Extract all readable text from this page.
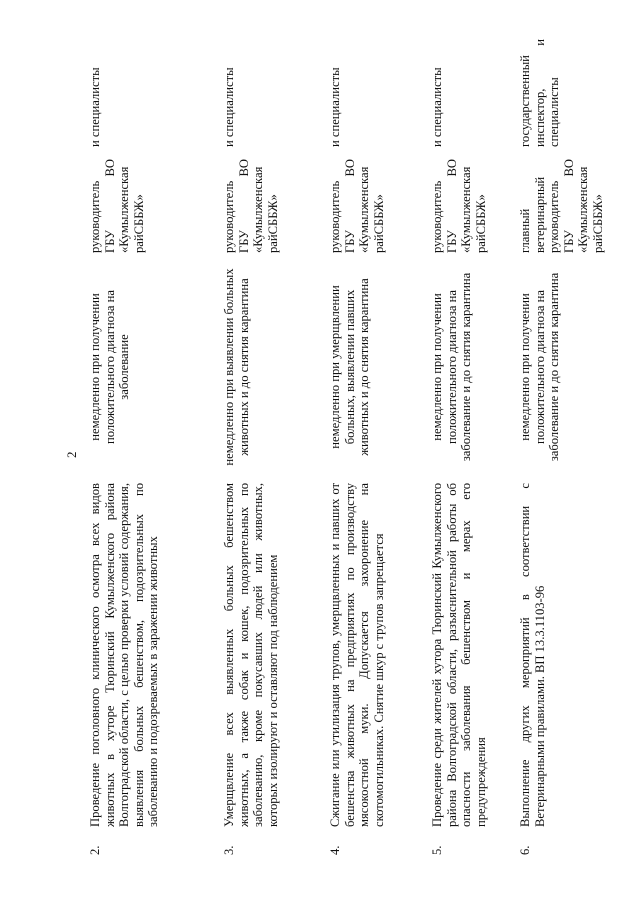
2
2.
Проведение поголовного клинического осмотра всех видов животных в хуторе Тюринский Кумылженского района Волгоградской области, с целью проверки условий содержания, выявления больных бешенством, подозрительных по заболеванию и подозреваемых в заражении животных
немедленно при получении положительного диагноза на заболевание
руководитель ГБУ ВО «Кумылженская райСББЖ»
и специалисты
3.
Умерщвление всех выявленных больных бешенством животных, а также собак и кошек, подозрительных по заболеванию, кроме покусавших людей или животных, которых изолируют и оставляют под наблюдением
немедленно при выявлении больных животных и до снятия карантина
руководитель ГБУ ВО «Кумылженская райСББЖ»
и специалисты
4.
Сжигание или утилизация трупов, умерщвленных и павших от бешенства животных на предприятиях по производству мясокостной муки. Допускается захоронение на скотомогильниках. Снятие шкур с трупов запрещается
немедленно при умерщвлении больных, выявлении павших животных и до снятия карантина
руководитель ГБУ ВО «Кумылженская райСББЖ»
и специалисты
5.
Проведение среди жителей хутора Тюринский Кумылженского района Волгоградской области, разъяснительной работы об опасности заболевания бешенством и мерах его предупреждения
немедленно при получении положительного диагноза на заболевание и до снятия карантина
руководитель ГБУ ВО «Кумылженская райСББЖ»
и специалисты
6.
Выполнение других мероприятий в соответствии с Ветеринарными правилами. ВП 13.3.1103-96
немедленно при получении положительного диагноза на заболевание и до снятия карантина
главный ветеринарный руководитель ГБУ ВО «Кумылженская райСББЖ»
государственный инспектор, и специалисты
